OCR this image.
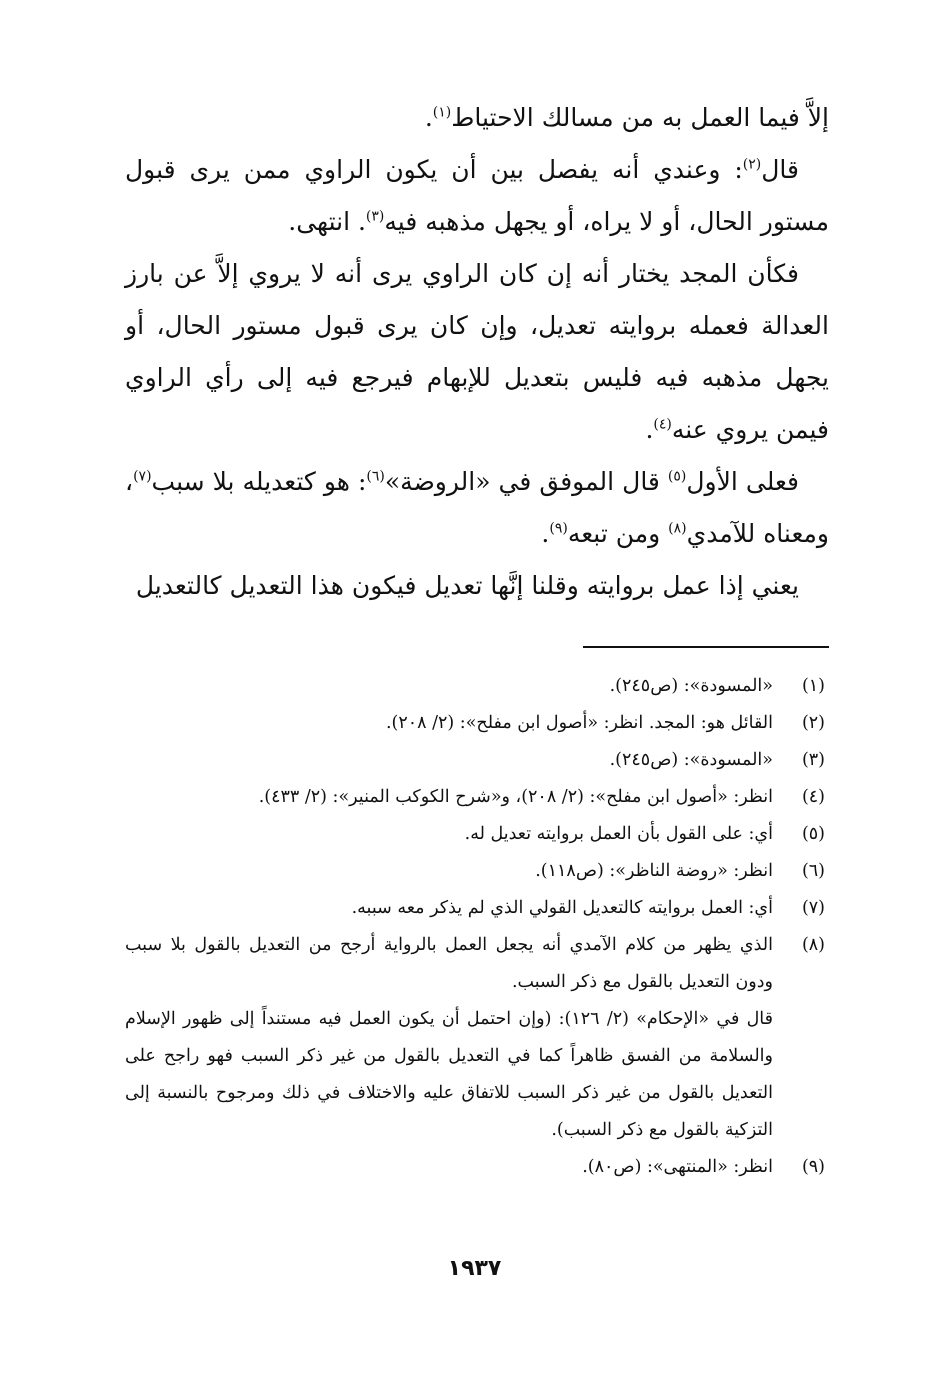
إلاَّ فيما العمل به من مسالك الاحتياط$^{(١)}$.

قال$^{(٢)}$: وعندي أنه يفصل بين أن يكون الراوي ممن يرى قبول مستور الحال، أو لا يراه، أو يجهل مذهبه فيه$^{(٣)}$. انتهى.

فكأن المجد يختار أنه إن كان الراوي يرى أنه لا يروي إلاَّ عن بارز العدالة فعمله بروايته تعديل، وإن كان يرى قبول مستور الحال، أو يجهل مذهبه فيه فليس بتعديل للإبهام فيرجع فيه إلى رأي الراوي فيمن يروي عنه$^{(٤)}$.

فعلى الأول$^{(٥)}$ قال الموفق في «الروضة»$^{(٦)}$: هو كتعديله بلا سبب$^{(٧)}$، ومعناه للآمدي$^{(٨)}$ ومن تبعه$^{(٩)}$.

يعني إذا عمل بروايته وقلنا إنَّها تعديل فيكون هذا التعديل كالتعديل

(١)
«المسودة»: (ص٢٤٥).
(٢)
القائل هو: المجد. انظر: «أصول ابن مفلح»: (٢/ ٢٠٨).
(٣)
«المسودة»: (ص٢٤٥).
(٤)
انظر: «أصول ابن مفلح»: (٢/ ٢٠٨)، و«شرح الكوكب المنير»: (٢/ ٤٣٣).
(٥)
أي: على القول بأن العمل بروايته تعديل له.
(٦)
انظر: «روضة الناظر»: (ص١١٨).
(٧)
أي: العمل بروايته كالتعديل القولي الذي لم يذكر معه سببه.
(٨)

الذي يظهر من كلام الآمدي أنه يجعل العمل بالرواية أرجح من التعديل بالقول بلا سبب ودون التعديل بالقول مع ذكر السبب.

قال في «الإحكام» (٢/ ١٢٦): (وإن احتمل أن يكون العمل فيه مستنداً إلى ظهور الإسلام والسلامة من الفسق ظاهراً كما في التعديل بالقول من غير ذكر السبب فهو راجح على التعديل بالقول من غير ذكر السبب للاتفاق عليه والاختلاف في ذلك ومرجوح بالنسبة إلى التزكية بالقول مع ذكر السبب).

(٩)
انظر: «المنتهى»: (ص٨٠).
١٩٣٧
